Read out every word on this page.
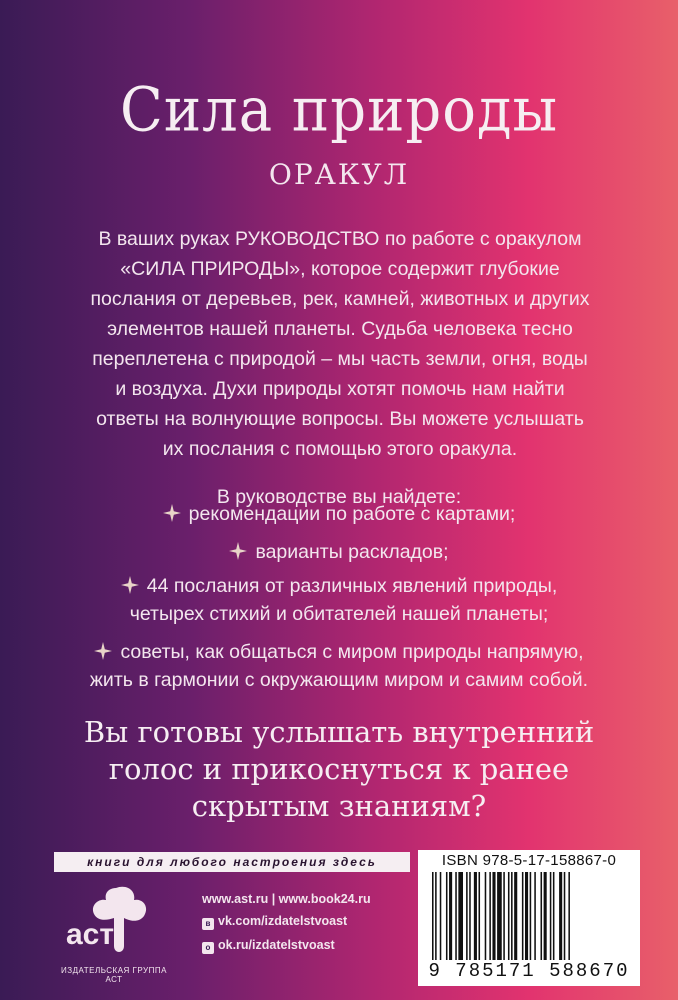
Сила природы
ОРАКУЛ
В ваших руках РУКОВОДСТВО по работе с оракулом
«СИЛА ПРИРОДЫ», которое содержит глубокие
послания от деревьев, рек, камней, животных и других
элементов нашей планеты. Судьба человека тесно
переплетена с природой – мы часть земли, огня, воды
и воздуха. Духи природы хотят помочь нам найти
ответы на волнующие вопросы. Вы можете услышать
их послания с помощью этого оракула.
В руководстве вы найдете:
рекомендации по работе с картами;
варианты раскладов;
44 послания от различных явлений природы,
четырех стихий и обитателей нашей планеты;
советы, как общаться с миром природы напрямую,
жить в гармонии с окружающим миром и самим собой.
Вы готовы услышать внутренний
голос и прикоснуться к ранее
скрытым знаниям?
книги для любого настроения здесь
аст
ИЗДАТЕЛЬСКАЯ ГРУППА АСТ
www.ast.ru | www.book24.ru
в vk.com/izdatelstvoast
о ok.ru/izdatelstvoast
ISBN 978-5-17-158867-0
9 785171 588670
